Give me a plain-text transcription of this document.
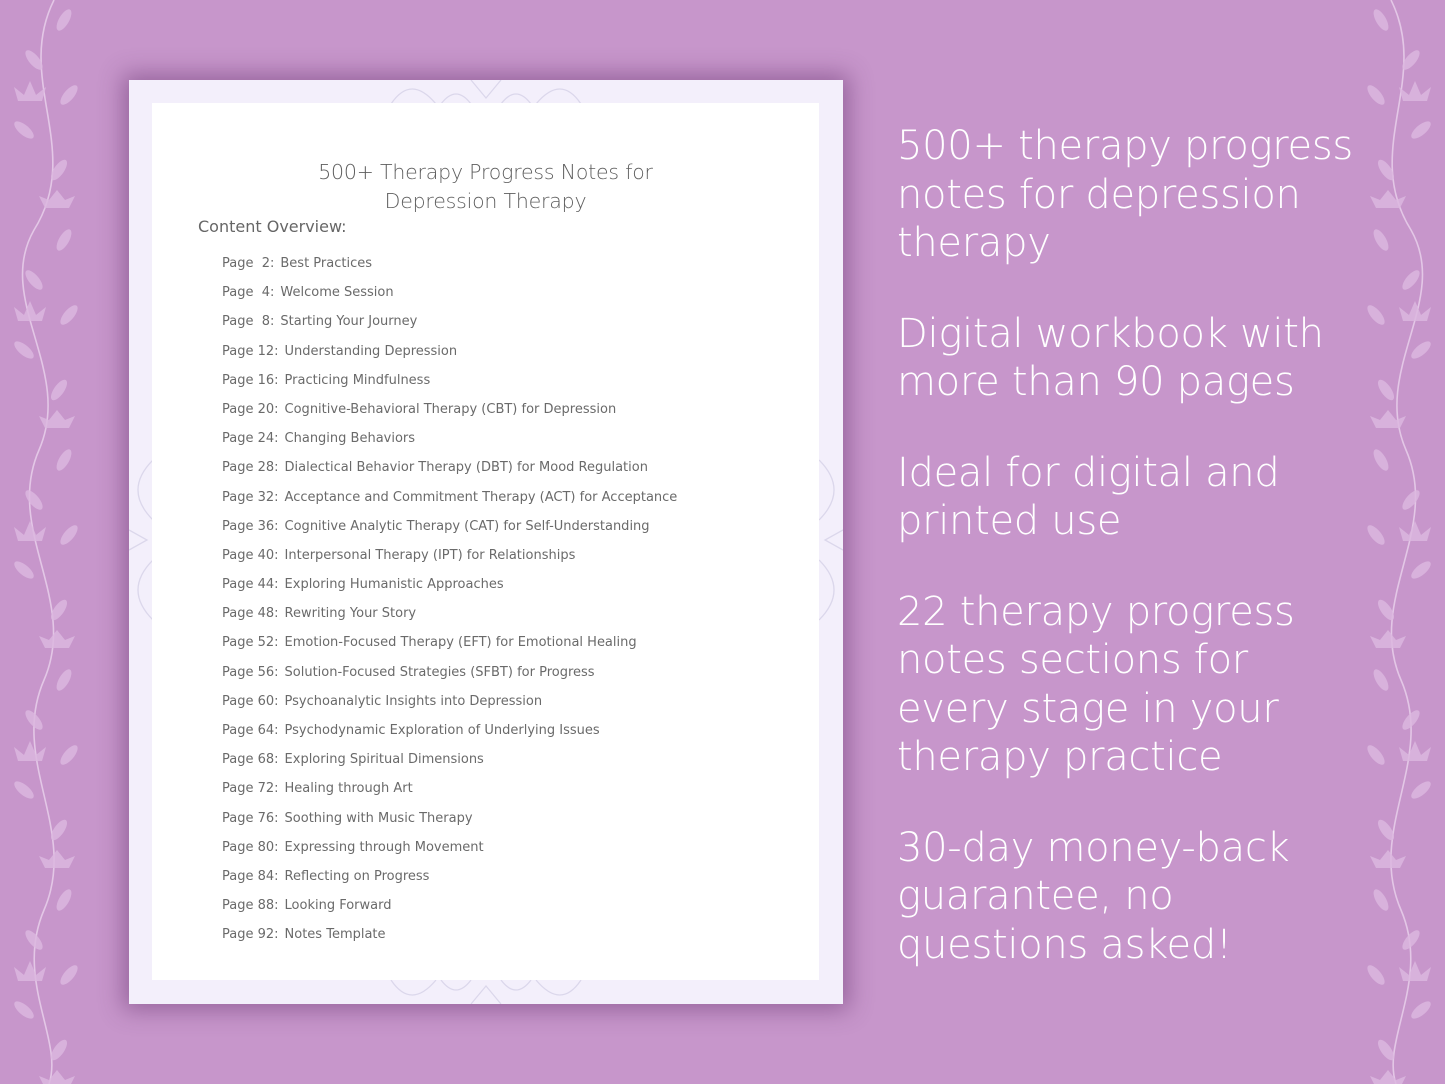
500+ Therapy Progress Notes for
Depression Therapy
Content Overview:
Page  2: Best Practices
Page  4: Welcome Session
Page  8: Starting Your Journey
Page 12: Understanding Depression
Page 16: Practicing Mindfulness
Page 20: Cognitive-Behavioral Therapy (CBT) for Depression
Page 24: Changing Behaviors
Page 28: Dialectical Behavior Therapy (DBT) for Mood Regulation
Page 32: Acceptance and Commitment Therapy (ACT) for Acceptance
Page 36: Cognitive Analytic Therapy (CAT) for Self-Understanding
Page 40: Interpersonal Therapy (IPT) for Relationships
Page 44: Exploring Humanistic Approaches
Page 48: Rewriting Your Story
Page 52: Emotion-Focused Therapy (EFT) for Emotional Healing
Page 56: Solution-Focused Strategies (SFBT) for Progress
Page 60: Psychoanalytic Insights into Depression
Page 64: Psychodynamic Exploration of Underlying Issues
Page 68: Exploring Spiritual Dimensions
Page 72: Healing through Art
Page 76: Soothing with Music Therapy
Page 80: Expressing through Movement
Page 84: Reflecting on Progress
Page 88: Looking Forward
Page 92: Notes Template

500+ therapy progress notes for depression therapy

Digital workbook with more than 90 pages

Ideal for digital and printed use

22 therapy progress notes sections for every stage in your therapy practice

30-day money-back guarantee, no questions asked!
